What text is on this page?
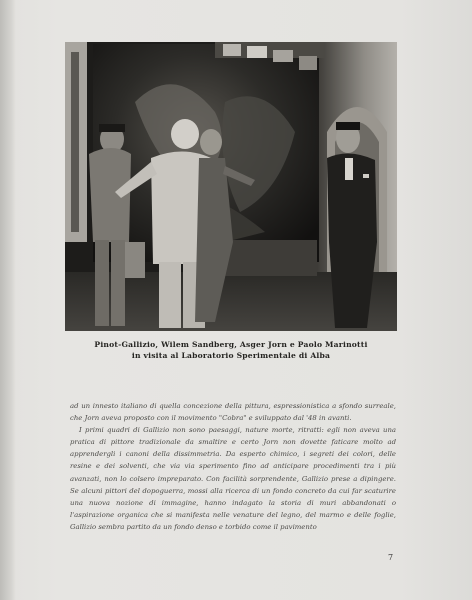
Pinot-Gallizio, Wilem Sandberg, Asger Jorn e Paolo Marinotti
in visita al Laboratorio Sperimentale di Alba

ad un innesto italiano di quella concezione della pittura, espressionistica a sfondo surreale, che Jorn aveva proposto con il movimento "Cobra" e sviluppato dal '48 in avanti.

I primi quadri di Gallizio non sono paesaggi, nature morte, ritratti: egli non aveva una pratica di pittore tradizionale da smaltire e certo Jorn non dovette faticare molto ad apprendergli i canoni della dissimmetria. Da esperto chimico, i segreti dei colori, delle resine e dei solventi, che via via sperimento fino ad anticipare procedimenti tra i più avanzati, non lo colsero impreparato. Con facilità sorprendente, Gallizio prese a dipingere. Se alcuni pittori del dopoguerra, mossi alla ricerca di un fondo concreto da cui far scaturire una nuova nozione di immagine, hanno indagato la storia di muri abbandonati o l'aspirazione organica che si manifesta nelle venature del legno, del marmo e delle foglie, Gallizio sembra partito da un fondo denso e torbido come il pavimento

7
